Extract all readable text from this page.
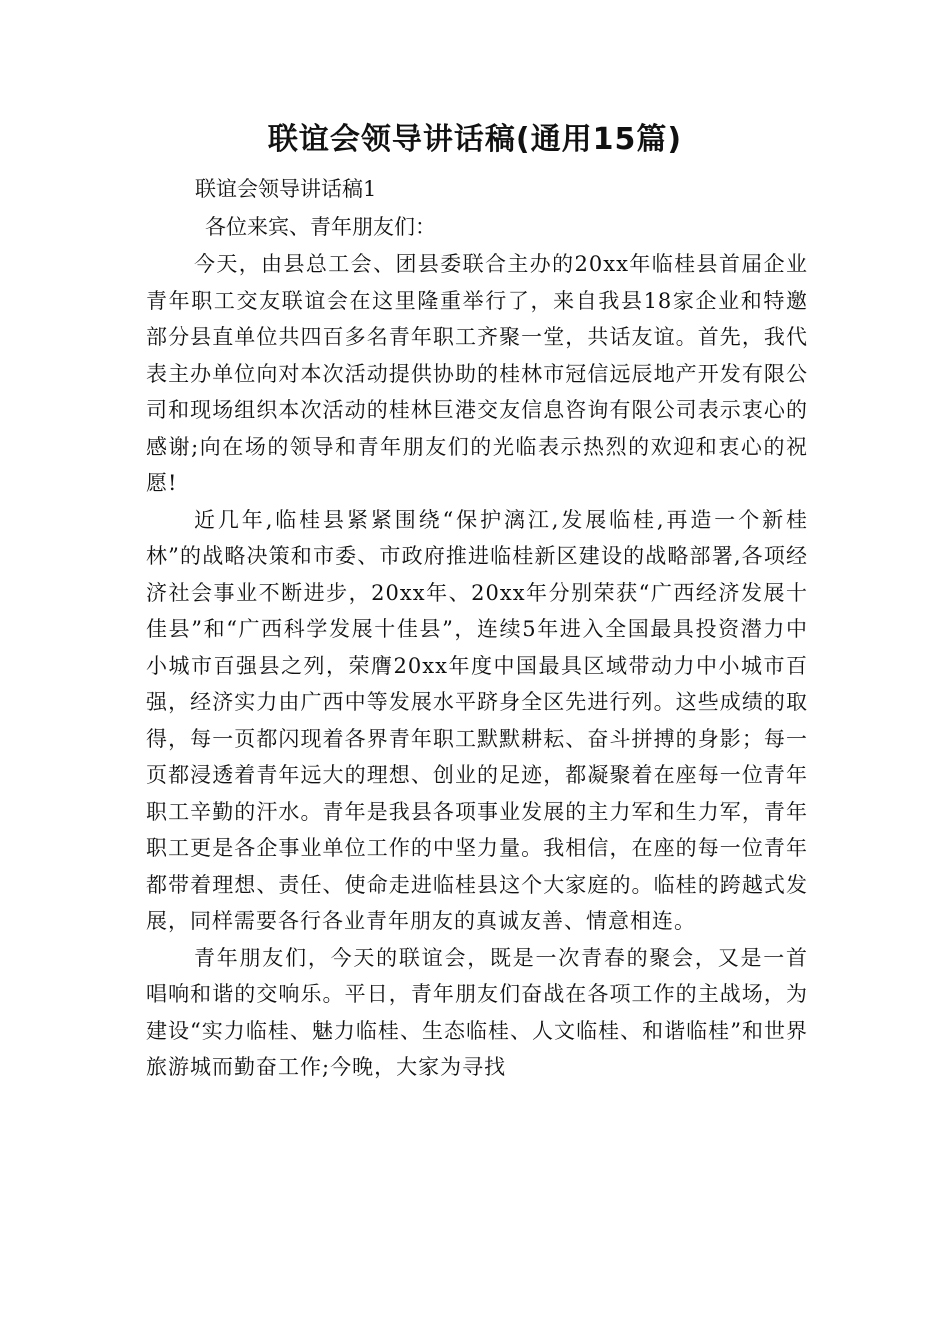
联谊会领导讲话稿(通用15篇)

联谊会领导讲话稿1

各位来宾、青年朋友们：

今天，由县总工会、团县委联合主办的20xx年临桂县首届企业青年职工交友联谊会在这里隆重举行了，来自我县18家企业和特邀部分县直单位共四百多名青年职工齐聚一堂，共话友谊。首先，我代表主办单位向对本次活动提供协助的桂林市冠信远辰地产开发有限公司和现场组织本次活动的桂林巨港交友信息咨询有限公司表示衷心的感谢;向在场的领导和青年朋友们的光临表示热烈的欢迎和衷心的祝愿!

近几年,临桂县紧紧围绕“保护漓江,发展临桂,再造一个新桂林”的战略决策和市委、市政府推进临桂新区建设的战略部署,各项经济社会事业不断进步，20xx年、20xx年分别荣获“广西经济发展十佳县”和“广西科学发展十佳县”，连续5年进入全国最具投资潜力中小城市百强县之列，荣膺20xx年度中国最具区域带动力中小城市百强，经济实力由广西中等发展水平跻身全区先进行列。这些成绩的取得，每一页都闪现着各界青年职工默默耕耘、奋斗拼搏的身影；每一页都浸透着青年远大的理想、创业的足迹，都凝聚着在座每一位青年职工辛勤的汗水。青年是我县各项事业发展的主力军和生力军，青年职工更是各企事业单位工作的中坚力量。我相信，在座的每一位青年都带着理想、责任、使命走进临桂县这个大家庭的。临桂的跨越式发展，同样需要各行各业青年朋友的真诚友善、情意相连。

青年朋友们，今天的联谊会，既是一次青春的聚会，又是一首唱响和谐的交响乐。平日，青年朋友们奋战在各项工作的主战场，为建设“实力临桂、魅力临桂、生态临桂、人文临桂、和谐临桂”和世界旅游城而勤奋工作;今晚，大家为寻找
